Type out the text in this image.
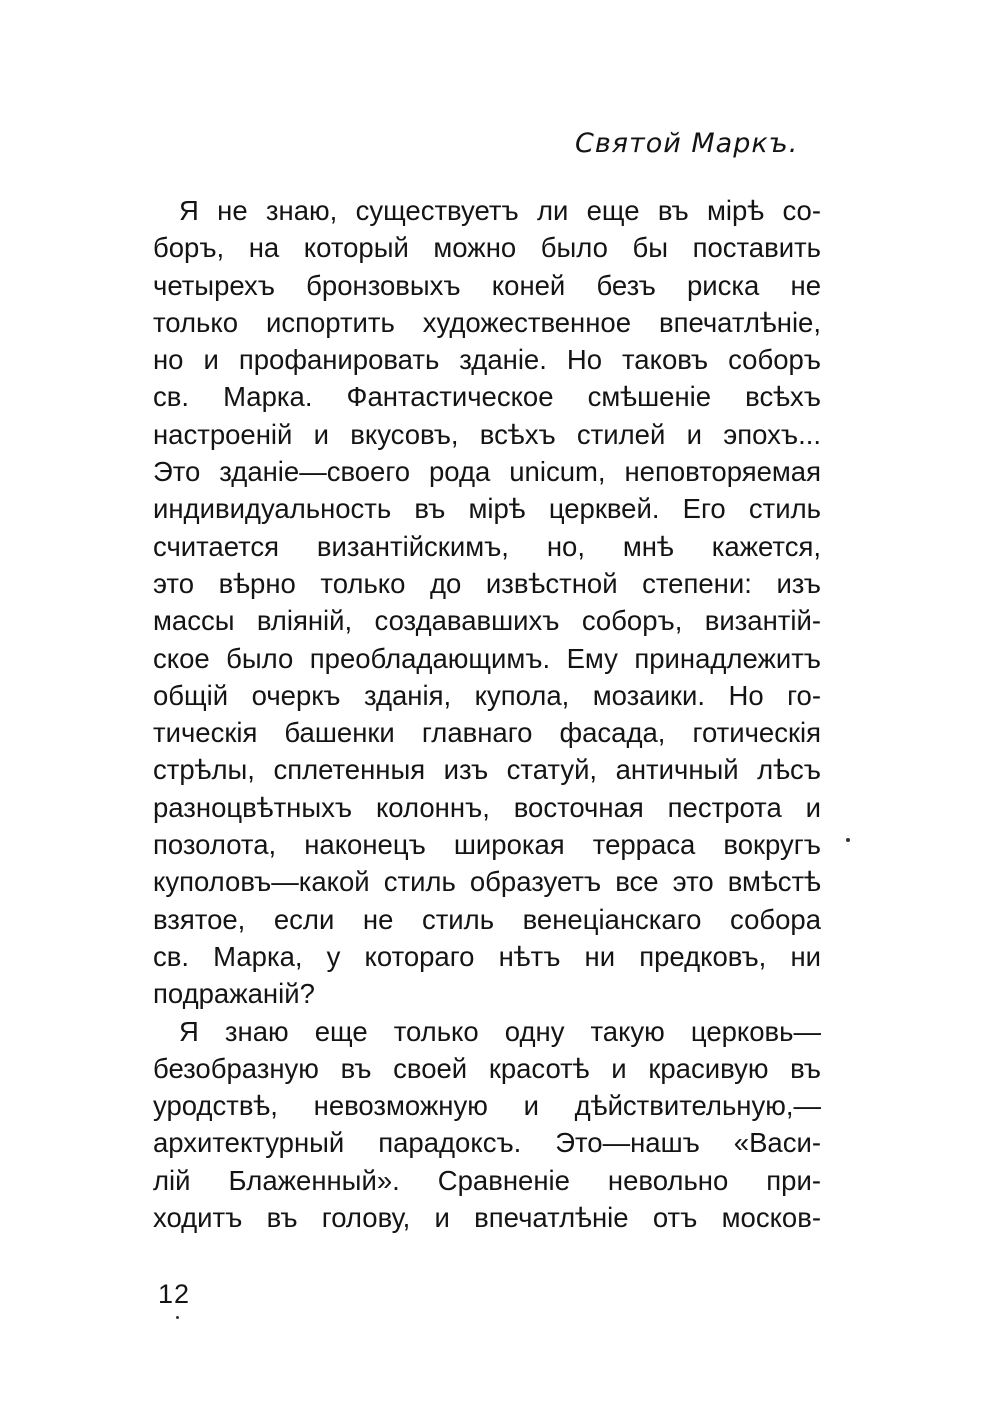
Святой Маркъ.
Я не знаю, существуетъ ли еще въ мірѣ со-
боръ, на который можно было бы поставить
четырехъ бронзовыхъ коней безъ риска не
только испортить художественное впечатлѣніе,
но и профанировать зданіе. Но таковъ соборъ
св. Марка. Фантастическое смѣшеніе всѣхъ
настроеній и вкусовъ, всѣхъ стилей и эпохъ...
Это зданіе—своего рода unicum, неповторяемая
индивидуальность въ мірѣ церквей. Его стиль
считается византійскимъ, но, мнѣ кажется,
это вѣрно только до извѣстной степени: изъ
массы вліяній, создававшихъ соборъ, византій-
ское было преобладающимъ. Ему принадлежитъ
общій очеркъ зданія, купола, мозаики. Но го-
тическія башенки главнаго фасада, готическія
стрѣлы, сплетенныя изъ статуй, античный лѣсъ
разноцвѣтныхъ колоннъ, восточная пестрота и
позолота, наконецъ широкая терраса вокругъ
куполовъ—какой стиль образуетъ все это вмѣстѣ
взятое, если не стиль венеціанскаго собора
св. Марка, у котораго нѣтъ ни предковъ, ни
подражаній?
Я знаю еще только одну такую церковь—
безобразную въ своей красотѣ и красивую въ
уродствѣ, невозможную и дѣйствительную,—
архитектурный парадоксъ. Это—нашъ «Васи-
лій Блаженный». Сравненіе невольно при-
ходитъ въ голову, и впечатлѣніе отъ москов-
12
